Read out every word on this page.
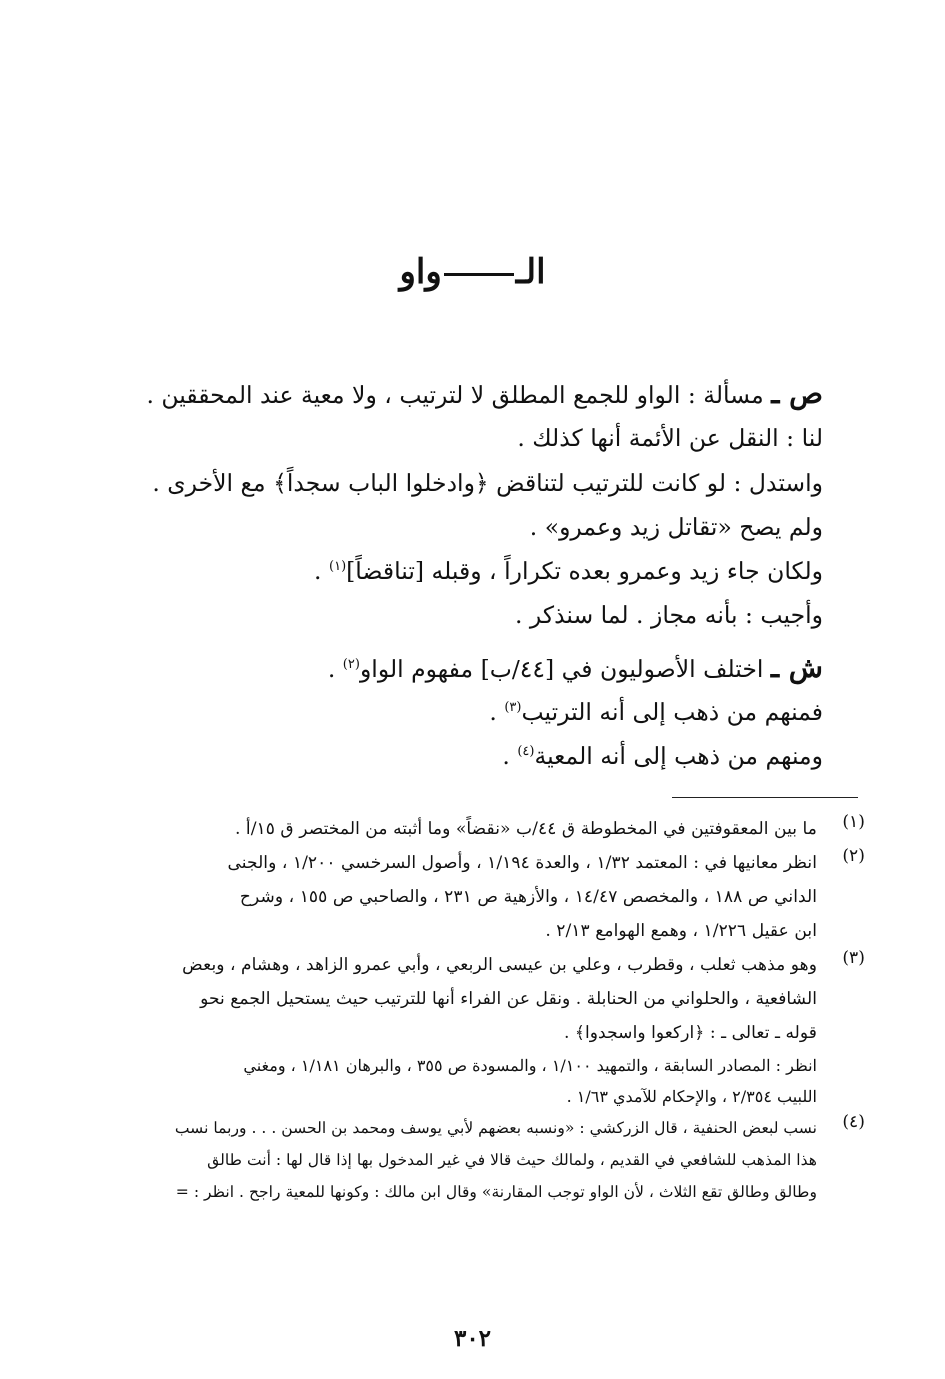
الـواو
ص ـ مسألة : الواو للجمع المطلق لا لترتيب ، ولا معية عند المحققين .
لنا : النقل عن الأئمة أنها كذلك .
واستدل : لو كانت للترتيب لتناقض ﴿وادخلوا الباب سجداً﴾ مع الأخرى .
ولم يصح «تقاتل زيد وعمرو» .
ولكان جاء زيد وعمرو بعده تكراراً ، وقبله [تناقضاً]$^{(١)}$ .
وأجيب : بأنه مجاز . لما سنذكر .
ش ـ اختلف الأصوليون في [٤٤/ب] مفهوم الواو$^{(٢)}$ .
فمنهم من ذهب إلى أنه الترتيب$^{(٣)}$ .
ومنهم من ذهب إلى أنه المعية$^{(٤)}$ .
(١)
ما بين المعقوفتين في المخطوطة ق ٤٤/ب «نقضاً» وما أثبته من المختصر ق ١٥/أ .
(٢)
انظر معانيها في : المعتمد ١/٣٢ ، والعدة ١/١٩٤ ، وأصول السرخسي ١/٢٠٠ ، والجنى
الداني ص ١٨٨ ، والمخصص ١٤/٤٧ ، والأزهية ص ٢٣١ ، والصاحبي ص ١٥٥ ، وشرح
ابن عقيل ١/٢٢٦ ، وهمع الهوامع ٢/١٣ .
(٣)
وهو مذهب ثعلب ، وقطرب ، وعلي بن عيسى الربعي ، وأبي عمرو الزاهد ، وهشام ، وبعض
الشافعية ، والحلواني من الحنابلة . ونقل عن الفراء أنها للترتيب حيث يستحيل الجمع نحو
قوله ـ تعالى ـ : ﴿اركعوا واسجدوا﴾ .
انظر : المصادر السابقة ، والتمهيد ١/١٠٠ ، والمسودة ص ٣٥٥ ، والبرهان ١/١٨١ ، ومغني
اللبيب ٢/٣٥٤ ، والإحكام للآمدي ١/٦٣ .
(٤)
نسب لبعض الحنفية ، قال الزركشي : «ونسبه بعضهم لأبي يوسف ومحمد بن الحسن . . . وربما نسب
هذا المذهب للشافعي في القديم ، ولمالك حيث قالا في غير المدخول بها إذا قال لها : أنت طالق
وطالق وطالق تقع الثلاث ، لأن الواو توجب المقارنة» وقال ابن مالك : وكونها للمعية راجح . انظر : =
٣٠٢
